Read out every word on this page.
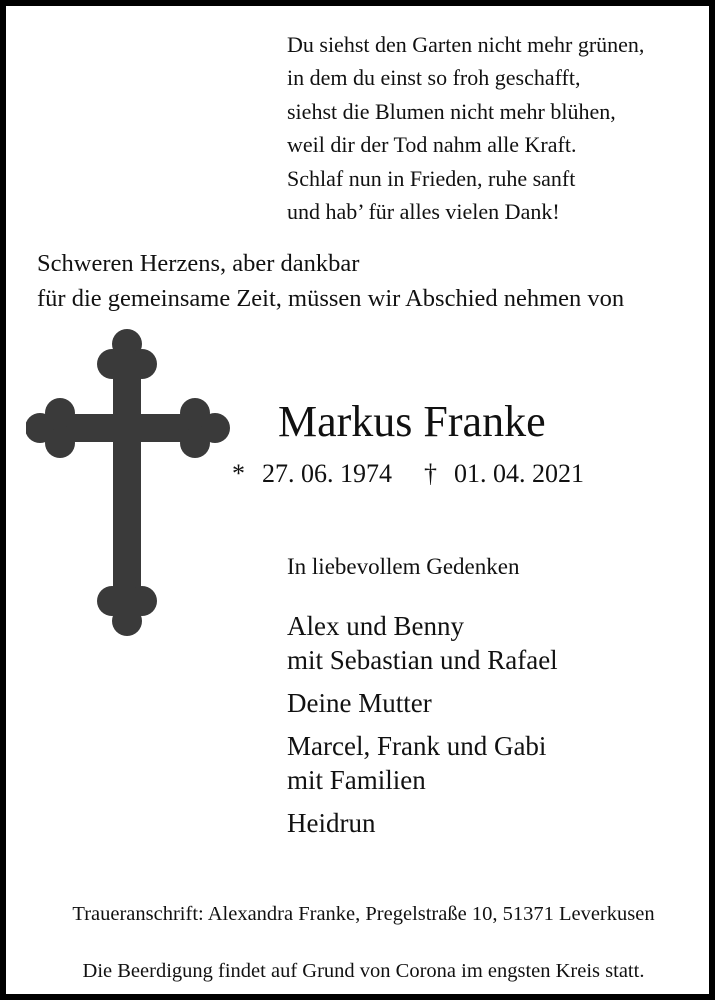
Du siehst den Garten nicht mehr grünen,
in dem du einst so froh geschafft,
siehst die Blumen nicht mehr blühen,
weil dir der Tod nahm alle Kraft.
Schlaf nun in Frieden, ruhe sanft
und hab’ für alles vielen Dank!
Schweren Herzens, aber dankbar
für die gemeinsame Zeit, müssen wir Abschied nehmen von
Markus Franke
* 27. 06. 1974 † 01. 04. 2021
In liebevollem Gedenken
Alex und Benny
mit Sebastian und Rafael
Deine Mutter
Marcel, Frank und Gabi
mit Familien
Heidrun
Traueranschrift: Alexandra Franke, Pregelstraße 10, 51371 Leverkusen
Die Beerdigung findet auf Grund von Corona im engsten Kreis statt.
